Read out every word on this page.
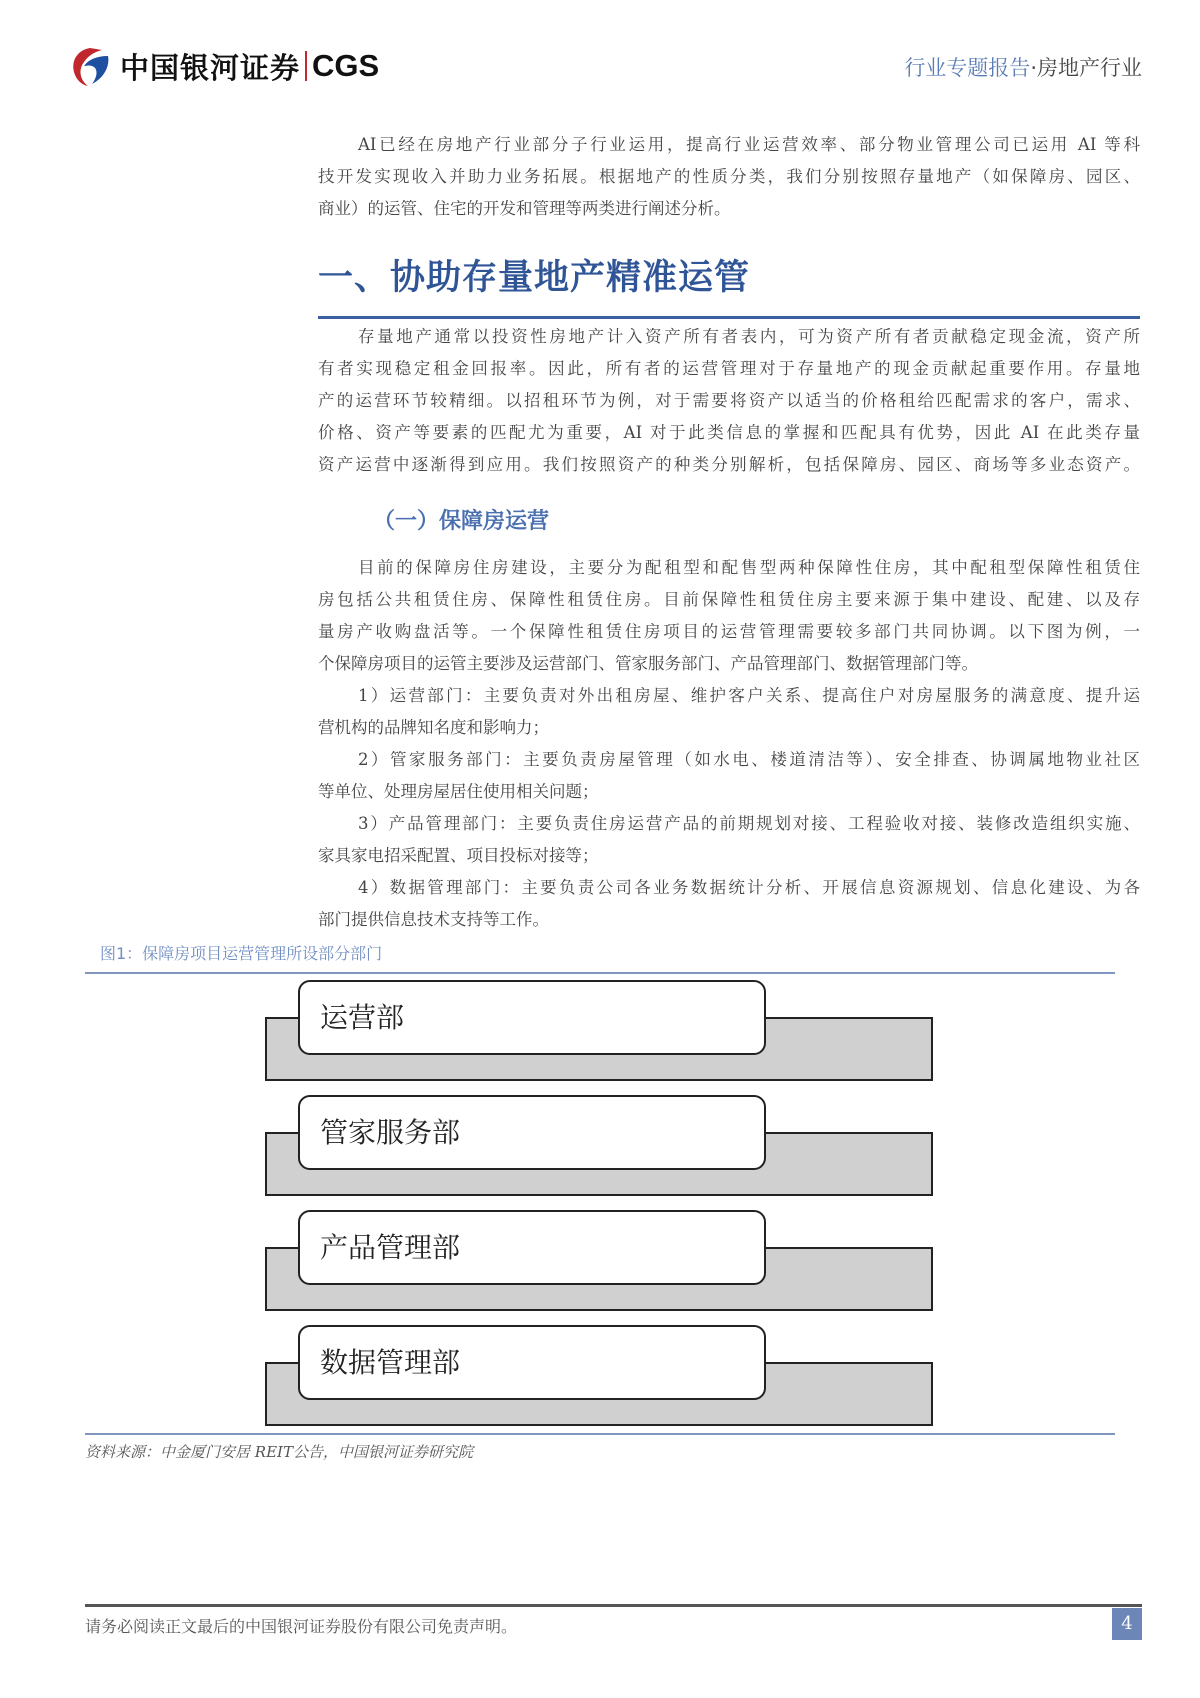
中国银河证券 CGS	行业专题报告·房地产行业
AI已经在房地产行业部分子行业运用，提高行业运营效率、部分物业管理公司已运用 AI 等科
技开发实现收入并助力业务拓展。根据地产的性质分类，我们分别按照存量地产（如保障房、园区、
商业）的运管、住宅的开发和管理等两类进行阐述分析。
一、协助存量地产精准运管
存量地产通常以投资性房地产计入资产所有者表内，可为资产所有者贡献稳定现金流，资产所
有者实现稳定租金回报率。因此，所有者的运营管理对于存量地产的现金贡献起重要作用。存量地
产的运营环节较精细。以招租环节为例，对于需要将资产以适当的价格租给匹配需求的客户，需求、
价格、资产等要素的匹配尤为重要，AI 对于此类信息的掌握和匹配具有优势，因此 AI 在此类存量
资产运营中逐渐得到应用。我们按照资产的种类分别解析，包括保障房、园区、商场等多业态资产。
（一）保障房运营
目前的保障房住房建设，主要分为配租型和配售型两种保障性住房，其中配租型保障性租赁住
房包括公共租赁住房、保障性租赁住房。目前保障性租赁住房主要来源于集中建设、配建、以及存
量房产收购盘活等。一个保障性租赁住房项目的运营管理需要较多部门共同协调。以下图为例，一
个保障房项目的运管主要涉及运营部门、管家服务部门、产品管理部门、数据管理部门等。
1）运营部门：主要负责对外出租房屋、维护客户关系、提高住户对房屋服务的满意度、提升运
营机构的品牌知名度和影响力；
2）管家服务部门：主要负责房屋管理（如水电、楼道清洁等）、安全排查、协调属地物业社区
等单位、处理房屋居住使用相关问题；
3）产品管理部门：主要负责住房运营产品的前期规划对接、工程验收对接、装修改造组织实施、
家具家电招采配置、项目投标对接等；
4）数据管理部门：主要负责公司各业务数据统计分析、开展信息资源规划、信息化建设、为各
部门提供信息技术支持等工作。
图1：保障房项目运营管理所设部分部门
运营部
管家服务部
产品管理部
数据管理部
资料来源：中金厦门安居 REIT公告，中国银河证券研究院
请务必阅读正文最后的中国银河证券股份有限公司免责声明。	4
